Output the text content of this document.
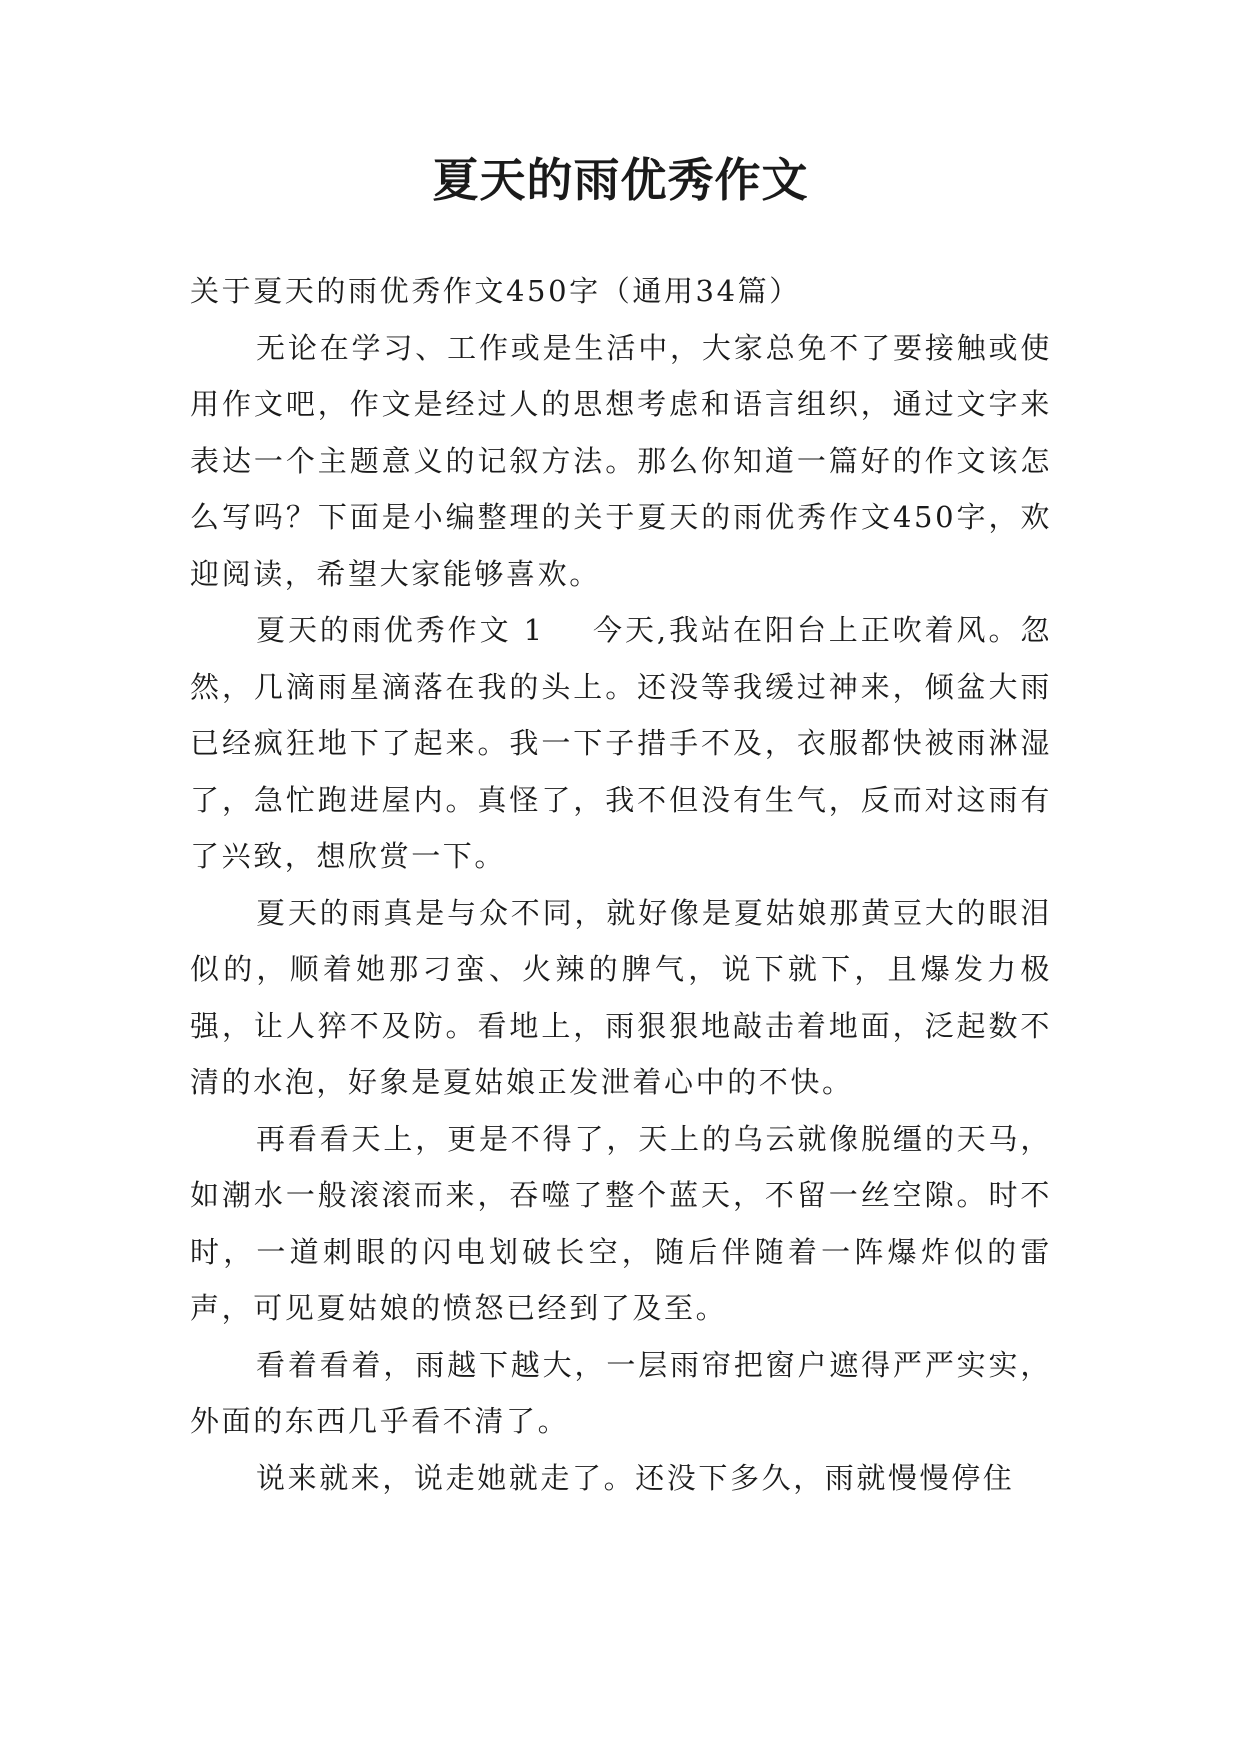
夏天的雨优秀作文

关于夏天的雨优秀作文450字（通用34篇）

无论在学习、工作或是生活中，大家总免不了要接触或使用作文吧，作文是经过人的思想考虑和语言组织，通过文字来表达一个主题意义的记叙方法。那么你知道一篇好的作文该怎么写吗？下面是小编整理的关于夏天的雨优秀作文450字，欢迎阅读，希望大家能够喜欢。

夏天的雨优秀作文 1 今天,我站在阳台上正吹着风。忽然，几滴雨星滴落在我的头上。还没等我缓过神来，倾盆大雨已经疯狂地下了起来。我一下子措手不及，衣服都快被雨淋湿了，急忙跑进屋内。真怪了，我不但没有生气，反而对这雨有了兴致，想欣赏一下。

夏天的雨真是与众不同，就好像是夏姑娘那黄豆大的眼泪似的，顺着她那刁蛮、火辣的脾气，说下就下，且爆发力极强，让人猝不及防。看地上，雨狠狠地敲击着地面，泛起数不清的水泡，好象是夏姑娘正发泄着心中的不快。

再看看天上，更是不得了，天上的乌云就像脱缰的天马，如潮水一般滚滚而来，吞噬了整个蓝天，不留一丝空隙。时不时，一道刺眼的闪电划破长空，随后伴随着一阵爆炸似的雷声，可见夏姑娘的愤怒已经到了及至。

看着看着，雨越下越大，一层雨帘把窗户遮得严严实实，外面的东西几乎看不清了。

说来就来，说走她就走了。还没下多久，雨就慢慢停住
